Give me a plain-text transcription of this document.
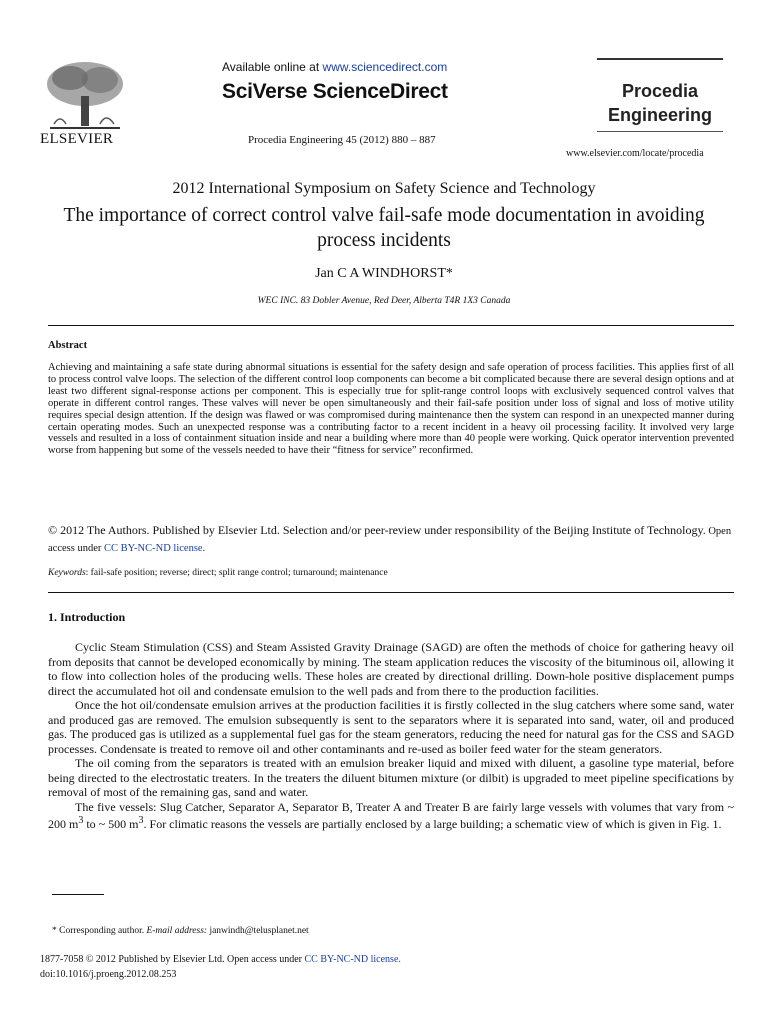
ELSEVIER
Available online at www.sciencedirect.com
SciVerse ScienceDirect
Procedia Engineering 45 (2012) 880 – 887
Procedia
Engineering
www.elsevier.com/locate/procedia
2012 International Symposium on Safety Science and Technology
The importance of correct control valve fail-safe mode documentation in avoiding process incidents
Jan C A WINDHORST*
WEC INC. 83 Dobler Avenue, Red Deer, Alberta T4R 1X3 Canada
Abstract
Achieving and maintaining a safe state during abnormal situations is essential for the safety design and safe operation of process facilities. This applies first of all to process control valve loops. The selection of the different control loop components can become a bit complicated because there are several design options and at least two different signal-response actions per component. This is especially true for split-range control loops with exclusively sequenced control valves that operate in different control ranges. These valves will never be open simultaneously and their fail-safe position under loss of signal and loss of motive utility requires special design attention. If the design was flawed or was compromised during maintenance then the system can respond in an unexpected manner during certain operating modes. Such an unexpected response was a contributing factor to a recent incident in a heavy oil processing facility. It involved very large vessels and resulted in a loss of containment situation inside and near a building where more than 40 people were working. Quick operator intervention prevented worse from happening but some of the vessels needed to have their “fitness for service” reconfirmed.
© 2012 The Authors. Published by Elsevier Ltd. Selection and/or peer-review under responsibility of the Beijing Institute of Technology. Open access under CC BY-NC-ND license.
Keywords: fail-safe position; reverse; direct; split range control; turnaround; maintenance
1. Introduction

Cyclic Steam Stimulation (CSS) and Steam Assisted Gravity Drainage (SAGD) are often the methods of choice for gathering heavy oil from deposits that cannot be developed economically by mining. The steam application reduces the viscosity of the bituminous oil, allowing it to flow into collection holes of the producing wells. These holes are created by directional drilling. Down-hole positive displacement pumps direct the accumulated hot oil and condensate emulsion to the well pads and from there to the production facilities.

Once the hot oil/condensate emulsion arrives at the production facilities it is firstly collected in the slug catchers where some sand, water and produced gas are removed. The emulsion subsequently is sent to the separators where it is separated into sand, water, oil and produced gas. The produced gas is utilized as a supplemental fuel gas for the steam generators, reducing the need for natural gas for the CSS and SAGD processes. Condensate is treated to remove oil and other contaminants and re-used as boiler feed water for the steam generators.

The oil coming from the separators is treated with an emulsion breaker liquid and mixed with diluent, a gasoline type material, before being directed to the electrostatic treaters. In the treaters the diluent bitumen mixture (or dilbit) is upgraded to meet pipeline specifications by removal of most of the remaining gas, sand and water.

The five vessels: Slug Catcher, Separator A, Separator B, Treater A and Treater B are fairly large vessels with volumes that vary from ~ 200 $m^3$ to ~ 500 $m^3$. For climatic reasons the vessels are partially enclosed by a large building; a schematic view of which is given in Fig. 1.

* Corresponding author. E-mail address: janwindh@telusplanet.net
1877-7058 © 2012 Published by Elsevier Ltd. Open access under CC BY-NC-ND license.
doi:10.1016/j.proeng.2012.08.253
